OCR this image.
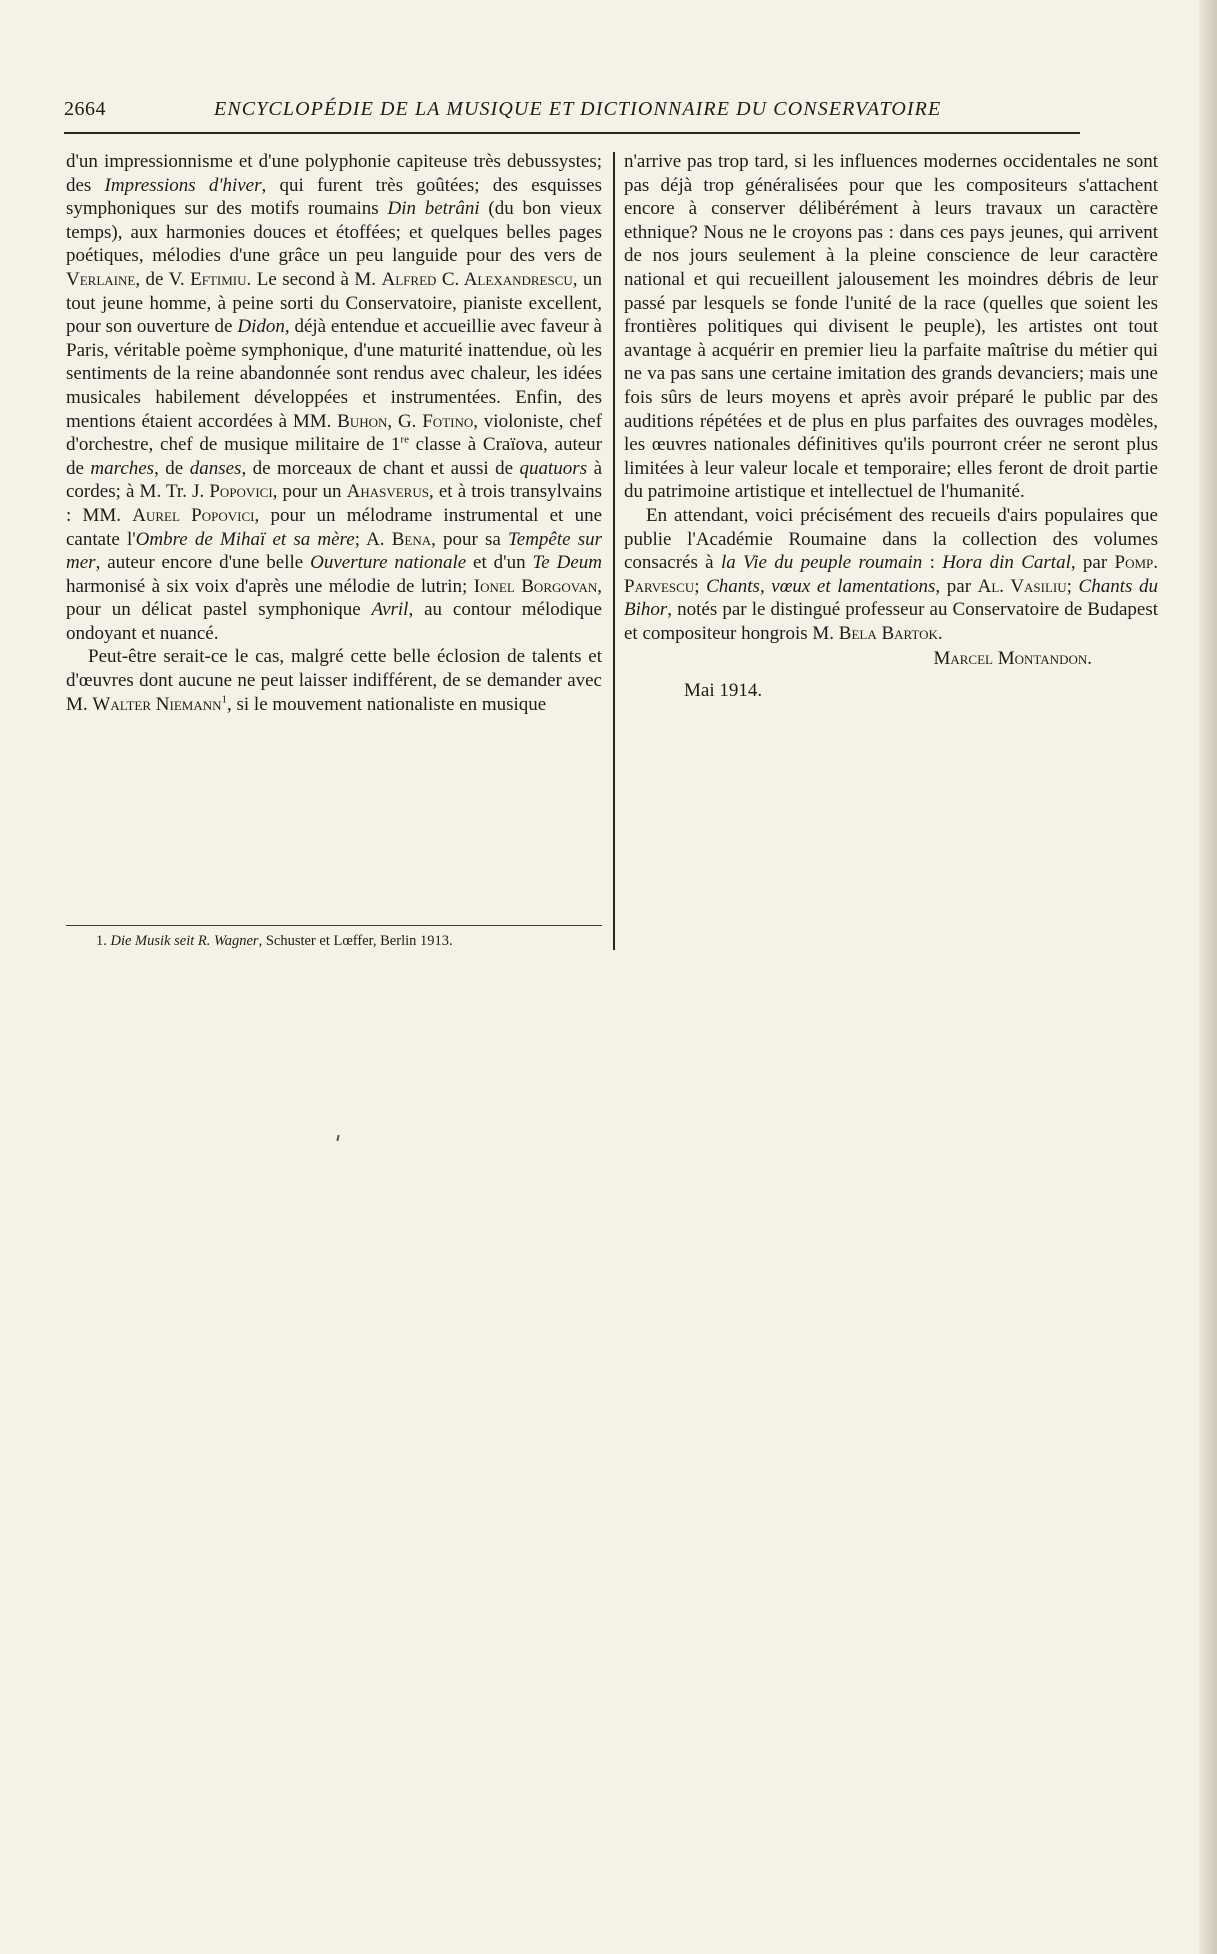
2664	ENCYCLOPÉDIE DE LA MUSIQUE ET DICTIONNAIRE DU CONSERVATOIRE

d'un impressionnisme et d'une polyphonie capiteuse très debussystes; des Impressions d'hiver, qui furent très goûtées; des esquisses symphoniques sur des motifs roumains Din betrâni (du bon vieux temps), aux harmonies douces et étoffées; et quelques belles pages poétiques, mélodies d'une grâce un peu languide pour des vers de Verlaine, de V. Eftimiu. Le second à M. Alfred C. Alexandrescu, un tout jeune homme, à peine sorti du Conservatoire, pianiste excellent, pour son ouverture de Didon, déjà entendue et accueillie avec faveur à Paris, véritable poème symphonique, d'une maturité inattendue, où les sentiments de la reine abandonnée sont rendus avec chaleur, les idées musicales habilement développées et instrumentées. Enfin, des mentions étaient accordées à MM. Buhon, G. Fotino, violoniste, chef d'orchestre, chef de musique militaire de 1re classe à Craïova, auteur de marches, de danses, de morceaux de chant et aussi de quatuors à cordes; à M. Tr. J. Popovici, pour un Ahasverus, et à trois transylvains : MM. Aurel Popovici, pour un mélodrame instrumental et une cantate l'Ombre de Mihaï et sa mère; A. Bena, pour sa Tempête sur mer, auteur encore d'une belle Ouverture nationale et d'un Te Deum harmonisé à six voix d'après une mélodie de lutrin; Ionel Borgovan, pour un délicat pastel symphonique Avril, au contour mélodique ondoyant et nuancé.

Peut-être serait-ce le cas, malgré cette belle éclosion de talents et d'œuvres dont aucune ne peut laisser indifférent, de se demander avec M. Walter Niemann$^1$, si le mouvement nationaliste en musique

1. Die Musik seit R. Wagner, Schuster et Lœffer, Berlin 1913.

n'arrive pas trop tard, si les influences modernes occidentales ne sont pas déjà trop généralisées pour que les compositeurs s'attachent encore à conserver délibérément à leurs travaux un caractère ethnique? Nous ne le croyons pas : dans ces pays jeunes, qui arrivent de nos jours seulement à la pleine conscience de leur caractère national et qui recueillent jalousement les moindres débris de leur passé par lesquels se fonde l'unité de la race (quelles que soient les frontières politiques qui divisent le peuple), les artistes ont tout avantage à acquérir en premier lieu la parfaite maîtrise du métier qui ne va pas sans une certaine imitation des grands devanciers; mais une fois sûrs de leurs moyens et après avoir préparé le public par des auditions répétées et de plus en plus parfaites des ouvrages modèles, les œuvres nationales définitives qu'ils pourront créer ne seront plus limitées à leur valeur locale et temporaire; elles feront de droit partie du patrimoine artistique et intellectuel de l'humanité.

En attendant, voici précisément des recueils d'airs populaires que publie l'Académie Roumaine dans la collection des volumes consacrés à la Vie du peuple roumain : Hora din Cartal, par Pomp. Parvescu; Chants, vœux et lamentations, par Al. Vasiliu; Chants du Bihor, notés par le distingué professeur au Conservatoire de Budapest et compositeur hongrois M. Bela Bartok.

Marcel Montandon.
Mai 1914.
